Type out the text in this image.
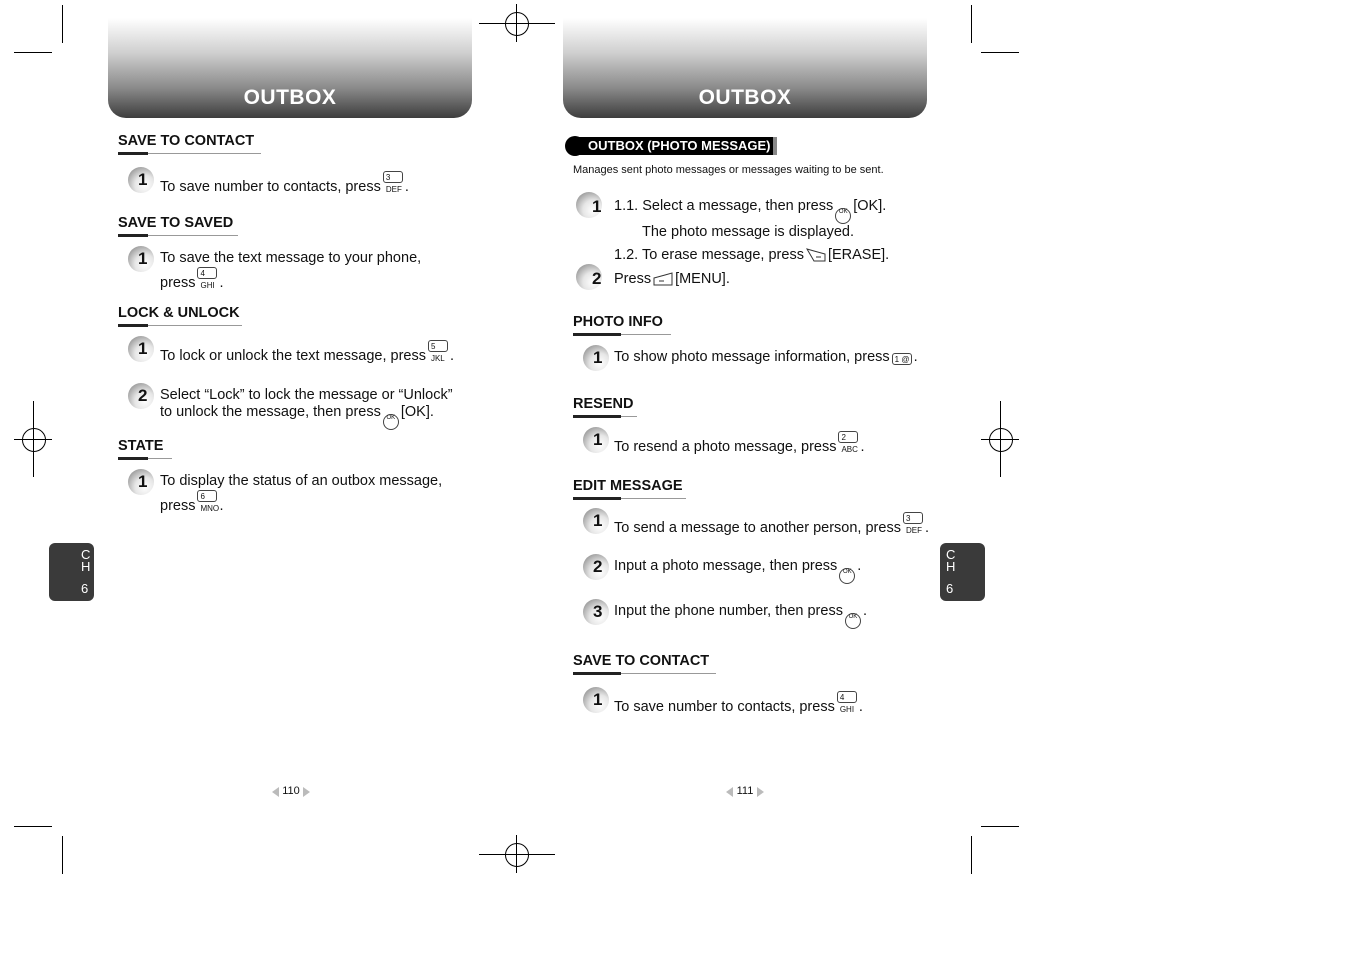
OUTBOX
SAVE TO CONTACT
1 To save number to contacts, press3 DEF .
SAVE TO SAVED
1 To save the text message to your phone,
press4 GHI .
LOCK & UNLOCK
1 To lock or unlock the text message, press5 JKL .
2 Select “Lock” to lock the message or “Unlock”
to unlock the message, then press OK [OK].
STATE
1 To display the status of an outbox message,
press6 MNO.
C
H
6
110
OUTBOX
OUTBOX (PHOTO MESSAGE)
Manages sent photo messages or messages waiting to be sent.
1 1.1. Select a message, then press OK [OK].
The photo message is displayed.
1.2. To erase message, press [ERASE].
2 Press [MENU].
PHOTO INFO
1 To show photo message information, press 1 @ .
RESEND
1 To resend a photo message, press2 ABC .
EDIT MESSAGE
1 To send a message to another person, press3 DEF .
2 Input a photo message, then press OK .
3 Input the phone number, then press OK .
SAVE TO CONTACT
1 To save number to contacts, press4 GHI .
C
H
6
111
